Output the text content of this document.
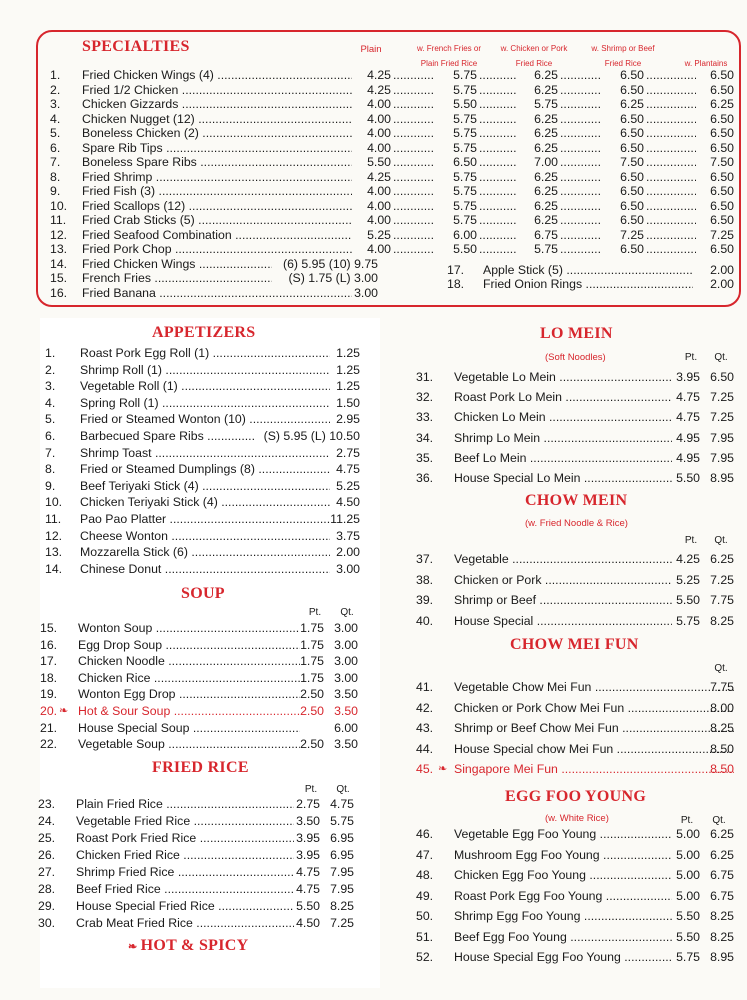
SPECIALTIES	Plain	w. French Fries or
Plain Fried Rice
w. Chicken or Pork
Fried Rice
w. Shrimp or Beef
Fried Rice	w. Plantains
APPETIZERS
SOUP
Pt.	Qt.
FRIED RICE
Pt.	Qt.
❧ HOT & SPICY
LO MEIN
(Soft Noodles)	Pt.	Qt.
CHOW MEIN
(w. Fried Noodle & Rice)
Pt.	Qt.
CHOW MEI FUN
Qt.
EGG FOO YOUNG
(w. White Rice)	Pt.	Qt.
1.	Fried Chicken Wings (4) .....	4.25	5.75	6.25	6.50	6.50
.....
.....
.....
.....
2.	Fried 1/2 Chicken .....	4.25	5.75	6.25	6.50	6.50
.....
.....
.....
.....
3.	Chicken Gizzards .....	4.00	5.50	5.75	6.25	6.25
.....
.....
.....
.....
4.	Chicken Nugget (12) .....	4.00	5.75	6.25	6.50	6.50
.....
.....
.....
.....
5.	Boneless Chicken (2) .....	4.00	5.75	6.25	6.50	6.50
.....
.....
.....
.....
6.	Spare Rib Tips .....	4.00	5.75	6.25	6.50	6.50
.....
.....
.....
.....
7.	Boneless Spare Ribs .....	5.50	6.50	7.00	7.50	7.50
.....
.....
.....
.....
8.	Fried Shrimp .....	4.25	5.75	6.25	6.50	6.50
.....
.....
.....
.....
9.	Fried Fish (3) .....	4.00	5.75	6.25	6.50	6.50
.....
.....
.....
.....
10.	Fried Scallops (12) .....	4.00	5.75	6.25	6.50	6.50
.....
.....
.....
.....
11.	Fried Crab Sticks (5) .....	4.00	5.75	6.25	6.50	6.50
.....
.....
.....
.....
12.	Fried Seafood Combination .....	5.25	6.00	6.75	7.25	7.25
.....
.....
.....
.....
13.	Fried Pork Chop .....	4.00	5.50	5.75	6.50	6.50
.....
.....
.....
.....
14.	Fried Chicken Wings .....	(6) 5.95 (10) 9.75
15.	French Fries .....	(S) 1.75 (L) 3.00
16.	Fried Banana .....	3.00
17.	Apple Stick (5) .....	2.00
18.	Fried Onion Rings .....	2.00
1.	Roast Pork Egg Roll (1) .....	1.25
2.	Shrimp Roll (1) .....	1.25
3.	Vegetable Roll (1) .....	1.25
4.	Spring Roll (1) .....	1.50
5.	Fried or Steamed Wonton (10) .....	2.95
6.	Barbecued Spare Ribs .....	(S) 5.95 (L) 10.50
7.	Shrimp Toast .....	2.75
8.	Fried or Steamed Dumplings (8) .....	4.75
9.	Beef Teriyaki Stick (4) .....	5.25
10.	Chicken Teriyaki Stick (4) .....	4.50
11.	Pao Pao Platter .....	11.25
12.	Cheese Wonton .....	3.75
13.	Mozzarella Stick (6) .....	2.00
14.	Chinese Donut .....	3.00
15.	Wonton Soup .....	1.75 3.00
16.	Egg Drop Soup .....	1.75 3.00
17.	Chicken Noodle .....	1.75 3.00
18.	Chicken Rice .....	1.75 3.00
19.	Wonton Egg Drop .....	2.50 3.50
20. ❧ Hot & Sour Soup .....	2.50 3.50
21.	House Special Soup .....	6.00
22.	Vegetable Soup .....	2.50 3.50
23.	Plain Fried Rice .....	2.75 4.75
24.	Vegetable Fried Rice .....	3.50 5.75
25.	Roast Pork Fried Rice .....	3.95 6.95
26.	Chicken Fried Rice .....	3.95 6.95
27.	Shrimp Fried Rice .....	4.75 7.95
28.	Beef Fried Rice .....	4.75 7.95
29.	House Special Fried Rice .....	5.50 8.25
30.	Crab Meat Fried Rice .....	4.50 7.25
31.	Vegetable Lo Mein .....	3.95 6.50
32.	Roast Pork Lo Mein .....	4.75 7.25
33.	Chicken Lo Mein .....	4.75 7.25
34.	Shrimp Lo Mein .....	4.95 7.95
35.	Beef Lo Mein .....	4.95 7.95
36.	House Special Lo Mein .....	5.50 8.95
37.	Vegetable .....	4.25 6.25
38.	Chicken or Pork .....	5.25 7.25
39.	Shrimp or Beef .....	5.50 7.75
40.	House Special .....	5.75 8.25
41.	Vegetable Chow Mei Fun .....	7.75
42.	Chicken or Pork Chow Mei Fun .....	8.00
43.	Shrimp or Beef Chow Mei Fun .....	8.25
44.	House Special chow Mei Fun .....	8.50
45. ❧ Singapore Mei Fun .....	8.50
46.	Vegetable Egg Foo Young .....	5.00 6.25
47.	Mushroom Egg Foo Young .....	5.00 6.25
48.	Chicken Egg Foo Young .....	5.00 6.75
49.	Roast Pork Egg Foo Young .....	5.00 6.75
50.	Shrimp Egg Foo Young .....	5.50 8.25
51.	Beef Egg Foo Young .....	5.50 8.25
52.	House Special Egg Foo Young .....	5.75 8.95
